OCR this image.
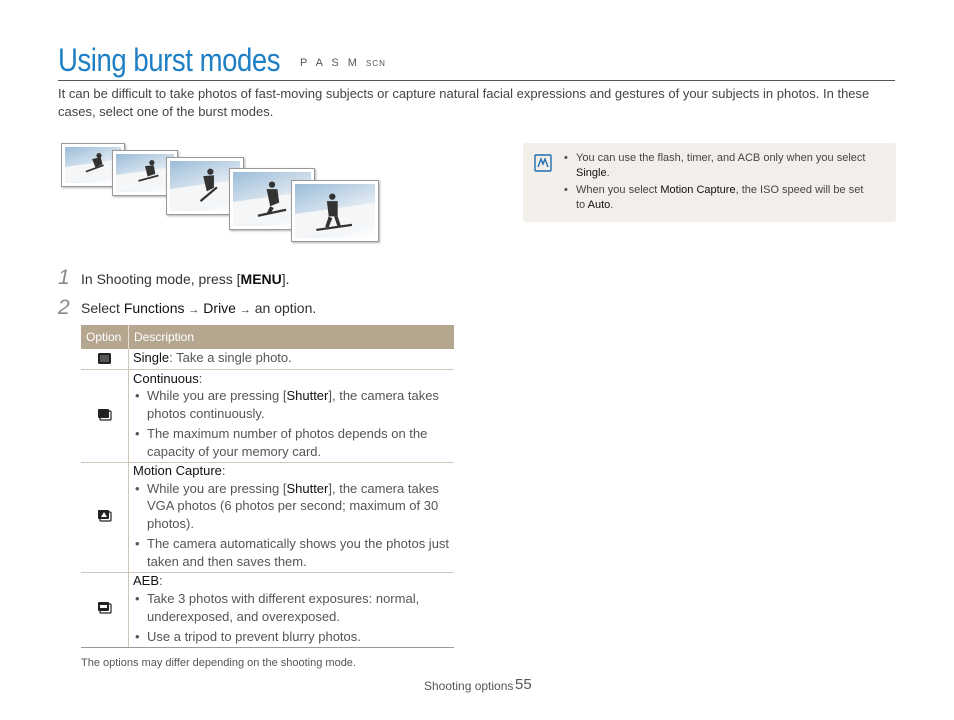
Using burst modes P A S M SCN
It can be difficult to take photos of fast-moving subjects or capture natural facial expressions and gestures of your subjects in photos. In these cases, select one of the burst modes.
• You can use the flash, timer, and ACB only when you select
Single.
• When you select Motion Capture, the ISO speed will be set
to Auto.
1 In Shooting mode, press [MENU].
2 Select Functions → Drive → an option.
Option	Description
Single: Take a single photo.
Continuous:
• While you are pressing [Shutter], the camera takes
photos continuously.
• The maximum number of photos depends on the
capacity of your memory card.
Motion Capture:
• While you are pressing [Shutter], the camera takes
VGA photos (6 photos per second; maximum of 30
photos).
• The camera automatically shows you the photos just
taken and then saves them.
AEB:
• Take 3 photos with different exposures: normal,
underexposed, and overexposed.
• Use a tripod to prevent blurry photos.
The options may differ depending on the shooting mode.
Shooting options 55
